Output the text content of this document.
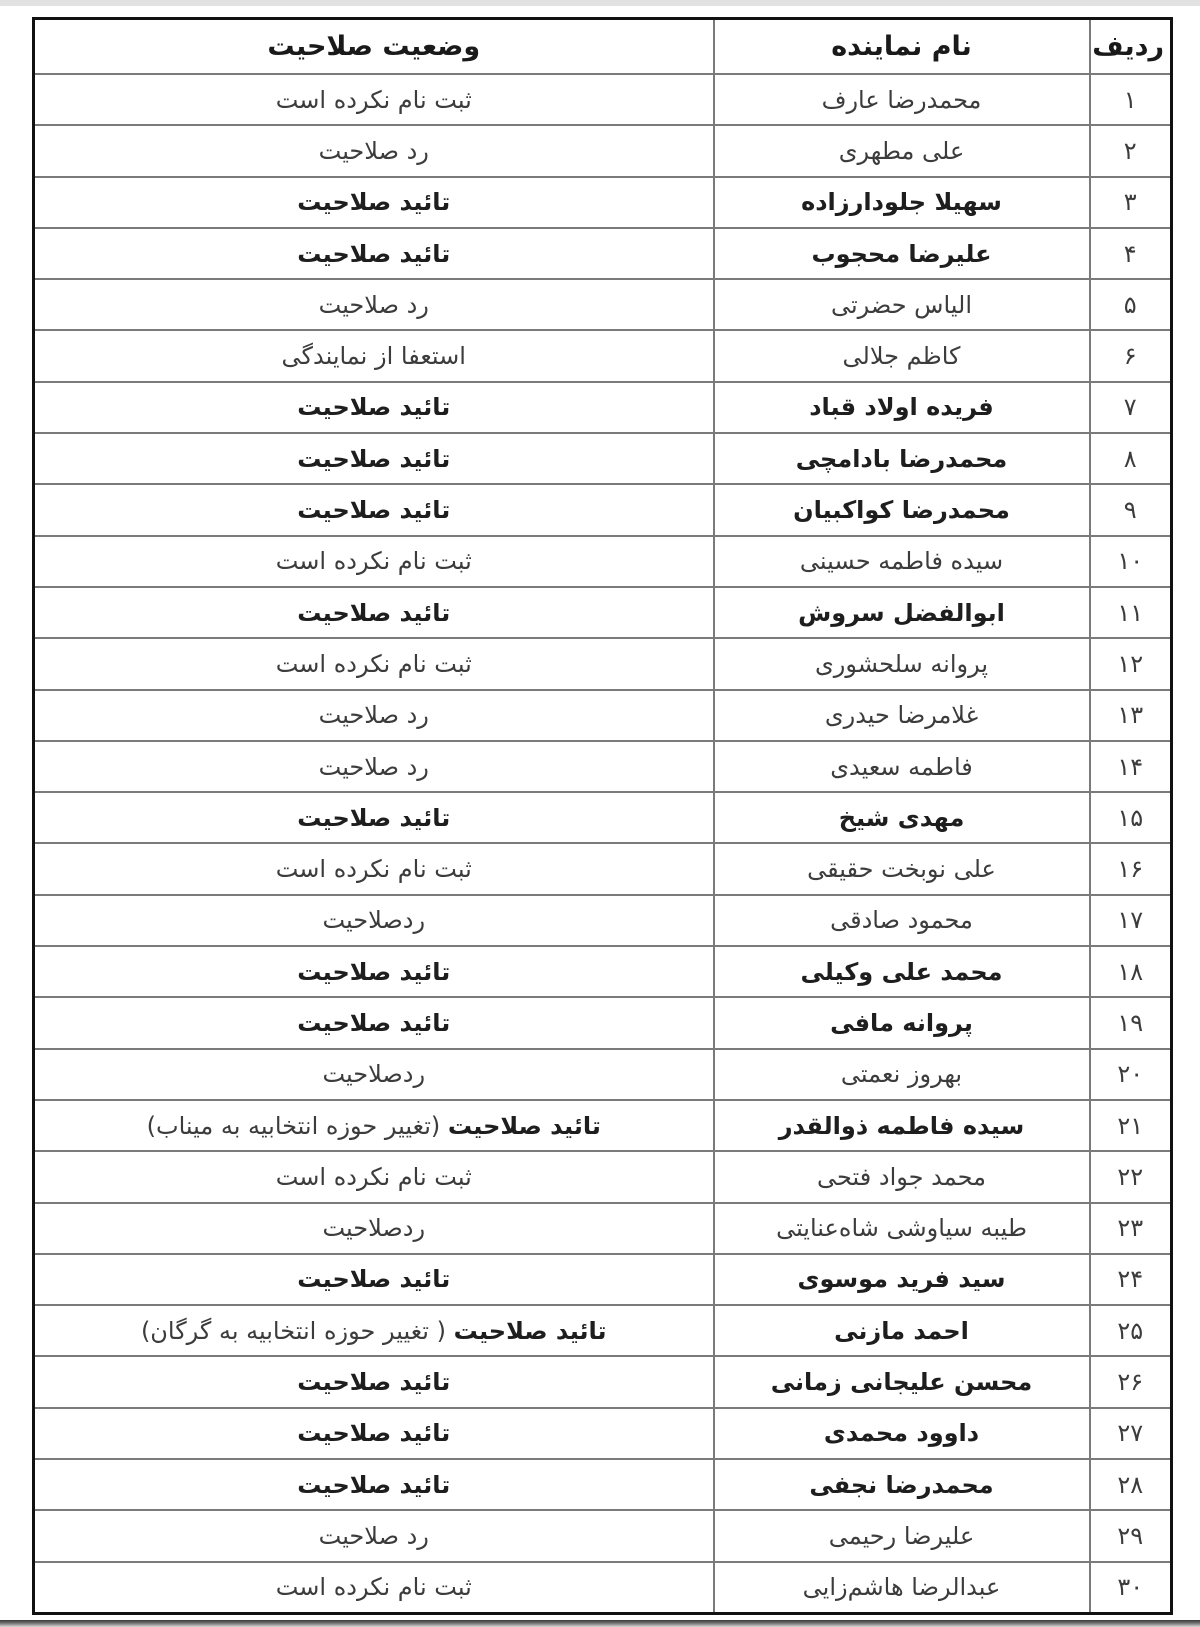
ردیف	نام نماینده	وضعیت صلاحیت
۱	محمدرضا عارف	ثبت نام نکرده است
۲	علی مطهری	رد صلاحیت
۳	سهیلا جلودارزاده	تائید صلاحیت
۴	علیرضا محجوب	تائید صلاحیت
۵	الیاس حضرتی	رد صلاحیت
۶	کاظم جلالی	استعفا از نمایندگی
۷	فریده اولاد قباد	تائید صلاحیت
۸	محمدرضا بادامچی	تائید صلاحیت
۹	محمدرضا کواکبیان	تائید صلاحیت
۱۰	سیده فاطمه حسینی	ثبت نام نکرده است
۱۱	ابوالفضل سروش	تائید صلاحیت
۱۲	پروانه سلحشوری	ثبت نام نکرده است
۱۳	غلامرضا حیدری	رد صلاحیت
۱۴	فاطمه سعیدی	رد صلاحیت
۱۵	مهدی شیخ	تائید صلاحیت
۱۶	علی نوبخت حقیقی	ثبت نام نکرده است
۱۷	محمود صادقی	ردصلاحیت
۱۸	محمد علی وکیلی	تائید صلاحیت
۱۹	پروانه مافی	تائید صلاحیت
۲۰	بهروز نعمتی	ردصلاحیت
۲۱	سیده فاطمه ذوالقدر	تائید صلاحیت (تغییر حوزه انتخابیه به میناب)
۲۲	محمد جواد فتحی	ثبت نام نکرده است
۲۳	طیبه سیاوشی شاه‌عنایتی	ردصلاحیت
۲۴	سید فرید موسوی	تائید صلاحیت
۲۵	احمد مازنی	تائید صلاحیت ( تغییر حوزه انتخابیه به گرگان)
۲۶	محسن علیجانی زمانی	تائید صلاحیت
۲۷	داوود محمدی	تائید صلاحیت
۲۸	محمدرضا نجفی	تائید صلاحیت
۲۹	علیرضا رحیمی	رد صلاحیت
۳۰	عبدالرضا هاشم‌زایی	ثبت نام نکرده است
